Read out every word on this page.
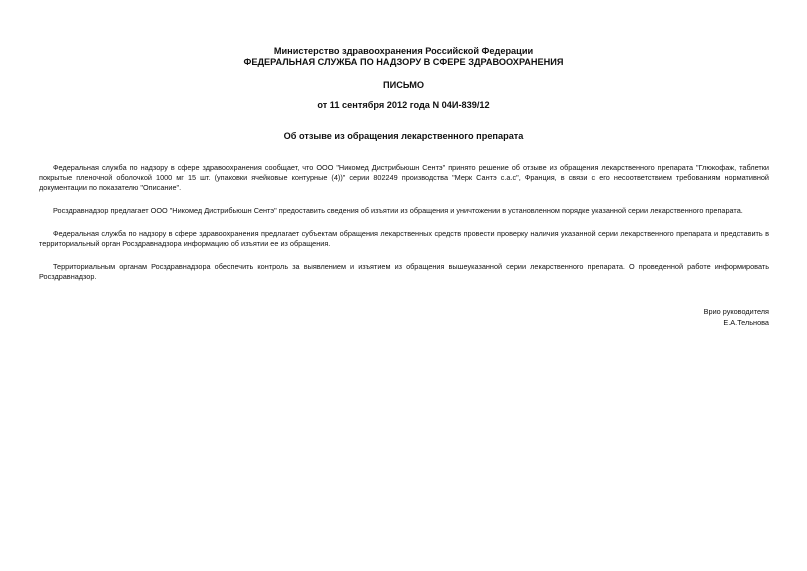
Министерство здравоохранения Российской Федерации
ФЕДЕРАЛЬНАЯ СЛУЖБА ПО НАДЗОРУ В СФЕРЕ ЗДРАВООХРАНЕНИЯ
ПИСЬМО
от 11 сентября 2012 года N 04И-839/12
Об отзыве из обращения лекарственного препарата

Федеральная служба по надзору в сфере здравоохранения сообщает, что ООО "Никомед Дистрибьюшн Сентэ" принято решение об отзыве из обращения лекарственного препарата "Глюкофаж, таблетки покрытые пленочной оболочкой 1000 мг 15 шт. (упаковки ячейковые контурные (4))" серии 802249 производства "Мерк Сантэ с.а.с", Франция, в связи с его несоответствием требованиям нормативной документации по показателю "Описание".

Росздравнадзор предлагает ООО "Никомед Дистрибьюшн Сентэ" предоставить сведения об изъятии из обращения и уничтожении в установленном порядке указанной серии лекарственного препарата.

Федеральная служба по надзору в сфере здравоохранения предлагает субъектам обращения лекарственных средств провести проверку наличия указанной серии лекарственного препарата и представить в территориальный орган Росздравнадзора информацию об изъятии ее из обращения.

Территориальным органам Росздравнадзора обеспечить контроль за выявлением и изъятием из обращения вышеуказанной серии лекарственного препарата. О проведенной работе информировать Росздравнадзор.

Врио руководителя
Е.А.Тельнова
